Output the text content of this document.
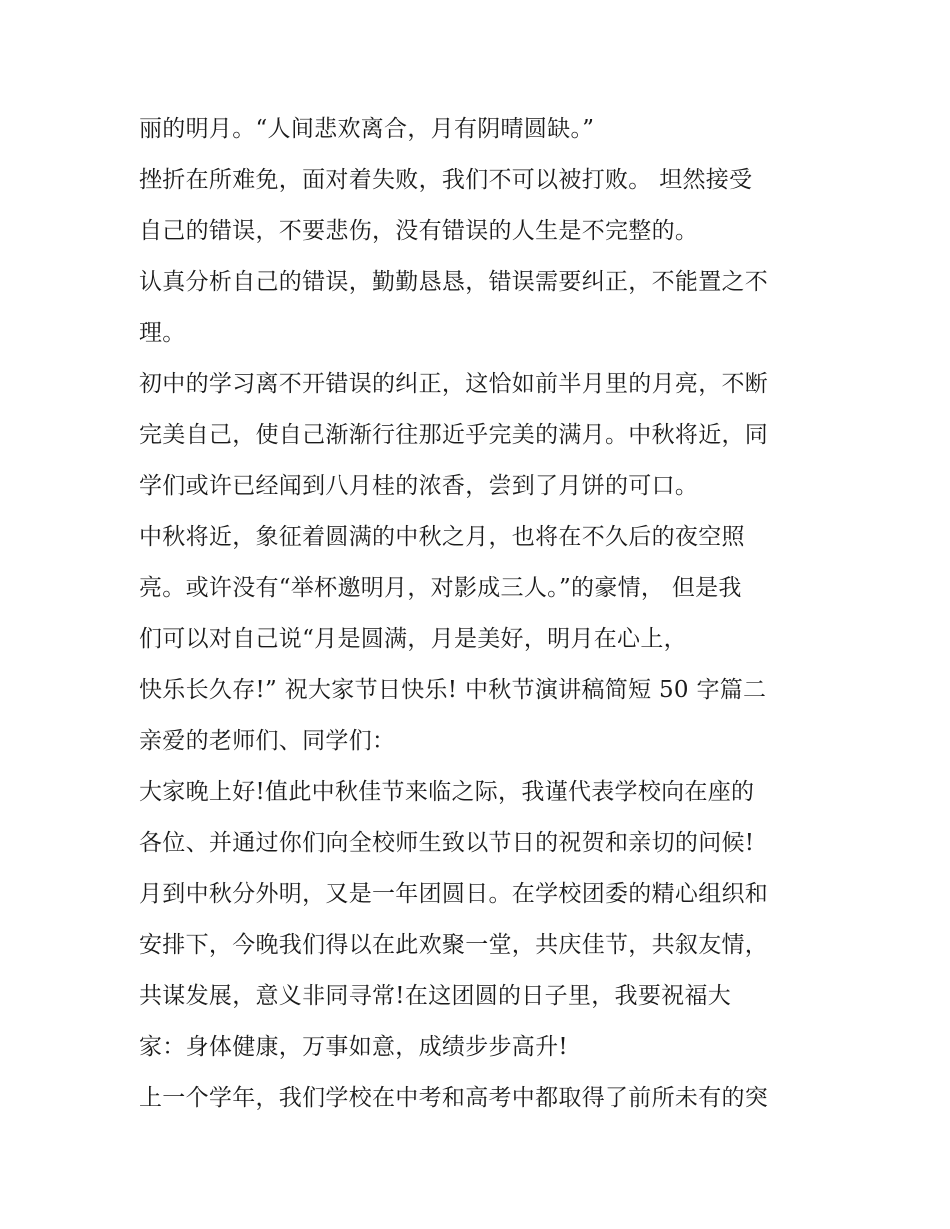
丽的明月。“人间悲欢离合，月有阴晴圆缺。”
挫折在所难免，面对着失败，我们不可以被打败。 坦然接受
自己的错误，不要悲伤，没有错误的人生是不完整的。
认真分析自己的错误，勤勤恳恳，错误需要纠正，不能置之不
理。
初中的学习离不开错误的纠正，这恰如前半月里的月亮，不断
完美自己，使自己渐渐行往那近乎完美的满月。中秋将近，同
学们或许已经闻到八月桂的浓香，尝到了月饼的可口。
中秋将近，象征着圆满的中秋之月，也将在不久后的夜空照
亮。或许没有“举杯邀明月，对影成三人。”的豪情， 但是我
们可以对自己说“月是圆满，月是美好，明月在心上，
快乐长久存!” 祝大家节日快乐! 中秋节演讲稿简短 50 字篇二
亲爱的老师们、同学们：
大家晚上好!值此中秋佳节来临之际，我谨代表学校向在座的
各位、并通过你们向全校师生致以节日的祝贺和亲切的问候!
月到中秋分外明，又是一年团圆日。在学校团委的精心组织和
安排下，今晚我们得以在此欢聚一堂，共庆佳节，共叙友情，
共谋发展，意义非同寻常!在这团圆的日子里，我要祝福大
家：身体健康，万事如意，成绩步步高升!
上一个学年，我们学校在中考和高考中都取得了前所未有的突
